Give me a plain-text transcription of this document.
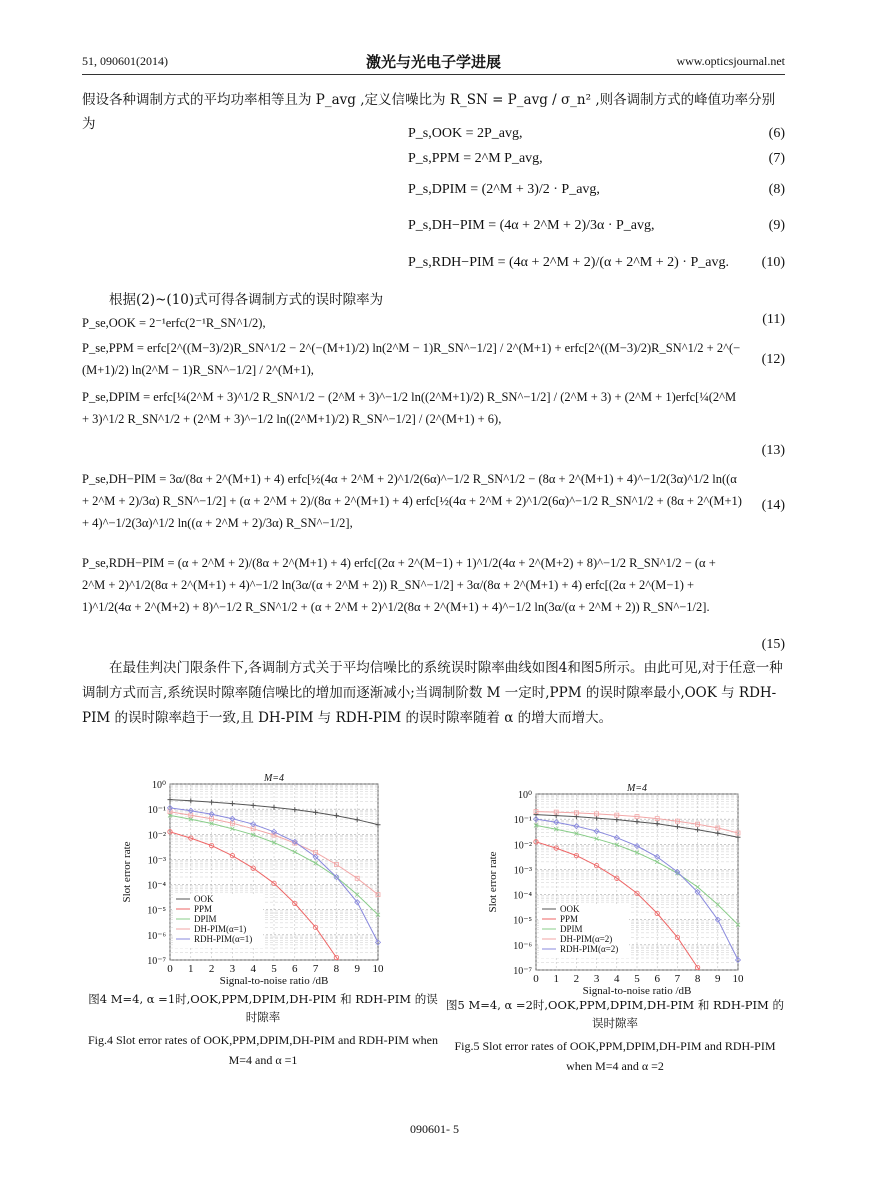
51, 090601(2014)	激光与光电子学进展	www.opticsjournal.net
假设各种调制方式的平均功率相等且为 P_avg ,定义信噪比为 R_SN = P_avg / σ_n² ,则各调制方式的峰值功率分别为
P_s,OOK = 2P_avg,	(6)
P_s,PPM = 2^M P_avg,	(7)
P_s,DPIM = (2^M + 3)/2 · P_avg,	(8)
P_s,DH−PIM = (4α + 2^M + 2)/3α · P_avg,	(9)
P_s,RDH−PIM = (4α + 2^M + 2)/(α + 2^M + 2) · P_avg. (10)
根据(2)~(10)式可得各调制方式的误时隙率为
P_se,OOK = 2⁻¹erfc(2⁻¹R_SN^1/2),	(11)
P_se,PPM = erfc[2^((M−3)/2)R_SN^1/2 − 2^(−(M+1)/2) ln(2^M − 1)R_SN^−1/2] / 2^(M+1) + erfc[2^((M−3)/2)R_SN^1/2 + 2^(−(M+1)/2) ln(2^M − 1)R_SN^−1/2] / 2^(M+1),
(12)
P_se,DPIM = erfc[¼(2^M + 3)^1/2 R_SN^1/2 − (2^M + 3)^−1/2 ln((2^M+1)/2) R_SN^−1/2] / (2^M + 3) + (2^M + 1)erfc[¼(2^M + 3)^1/2 R_SN^1/2 + (2^M + 3)^−1/2 ln((2^M+1)/2) R_SN^−1/2] / (2^(M+1) + 6),
(13)
P_se,DH−PIM = 3α/(8α + 2^(M+1) + 4) erfc[½(4α + 2^M + 2)^1/2(6α)^−1/2 R_SN^1/2 − (8α + 2^(M+1) + 4)^−1/2(3α)^1/2 ln((α + 2^M + 2)/3α) R_SN^−1/2] + (α + 2^M + 2)/(8α + 2^(M+1) + 4) erfc[½(4α + 2^M + 2)^1/2(6α)^−1/2 R_SN^1/2 + (8α + 2^(M+1) + 4)^−1/2(3α)^1/2 ln((α + 2^M + 2)/3α) R_SN^−1/2],
(14)
P_se,RDH−PIM = (α + 2^M + 2)/(8α + 2^(M+1) + 4) erfc[(2α + 2^(M−1) + 1)^1/2(4α + 2^(M+2) + 8)^−1/2 R_SN^1/2 − (α + 2^M + 2)^1/2(8α + 2^(M+1) + 4)^−1/2 ln(3α/(α + 2^M + 2)) R_SN^−1/2] + 3α/(8α + 2^(M+1) + 4) erfc[(2α + 2^(M−1) + 1)^1/2(4α + 2^(M+2) + 8)^−1/2 R_SN^1/2 + (α + 2^M + 2)^1/2(8α + 2^(M+1) + 4)^−1/2 ln(3α/(α + 2^M + 2)) R_SN^−1/2].
(15)
在最佳判决门限条件下,各调制方式关于平均信噪比的系统误时隙率曲线如图4和图5所示。由此可见,对于任意一种调制方式而言,系统误时隙率随信噪比的增加而逐渐减小;当调制阶数 M 一定时,PPM 的误时隙率最小,OOK 与 RDH-PIM 的误时隙率趋于一致,且 DH-PIM 与 RDH-PIM 的误时隙率随着 α 的增大而增大。
10⁰
10⁻¹
10⁻²
10⁻³
10⁻⁴
10⁻⁵
10⁻⁶
10⁻⁷
0 1 2 3 4 5 6 7 8 9 10
M=4
Signal-to-noise ratio /dB
Slot error rate	OOK
PPM
DPIM
DH-PIM(α=1)
RDH-PIM(α=1)
图4 M=4, α =1时,OOK,PPM,DPIM,DH-PIM 和 RDH-PIM 的误时隙率
Fig.4 Slot error rates of OOK,PPM,DPIM,DH-PIM and RDH-PIM when M=4 and α =1
10⁰
10⁻¹
10⁻²
10⁻³
10⁻⁴
10⁻⁵
10⁻⁶
10⁻⁷
0 1 2 3 4 5 6 7 8 9 10
M=4
Signal-to-noise ratio /dB
Slot error rate	OOK
PPM
DPIM
DH-PIM(α=2)
RDH-PIM(α=2)
图5 M=4, α =2时,OOK,PPM,DPIM,DH-PIM 和 RDH-PIM 的误时隙率
Fig.5 Slot error rates of OOK,PPM,DPIM,DH-PIM and RDH-PIM when M=4 and α =2
090601- 5
